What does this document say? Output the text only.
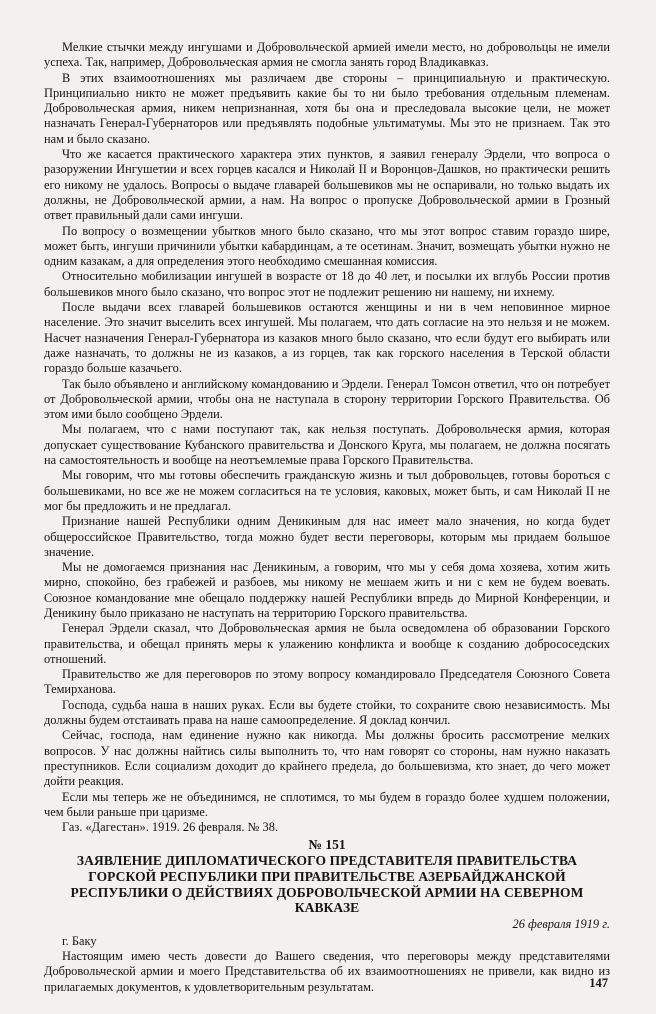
Мелкие стычки между ингушами и Добровольческой армией имели место, но добровольцы не имели успеха. Так, например, Добровольческая армия не смогла занять город Владикавказ.

В этих взаимоотношениях мы различаем две стороны – принципиальную и практическую. Принципиально никто не может предъявить какие бы то ни было требования отдельным племенам. Добровольческая армия, никем непризнанная, хотя бы она и преследовала высокие цели, не может назначать Генерал-Губернаторов или предъявлять подобные ультиматумы. Мы это не признаем. Так это нам и было сказано.

Что же касается практического характера этих пунктов, я заявил генералу Эрдели, что вопроса о разоружении Ингушетии и всех горцев касался и Николай II и Воронцов-Дашков, но практически решить его никому не удалось. Вопросы о выдаче главарей большевиков мы не оспаривали, но только выдать их должны, не Добровольческой армии, а нам. На вопрос о пропуске Добровольческой армии в Грозный ответ правильный дали сами ингуши.

По вопросу о возмещении убытков много было сказано, что мы этот вопрос ставим гораздо шире, может быть, ингуши причинили убытки кабардинцам, а те осетинам. Значит, возмещать убытки нужно не одним казакам, а для определения этого необходимо смешанная комиссия.

Относительно мобилизации ингушей в возрасте от 18 до 40 лет, и посылки их вглубь России против большевиков много было сказано, что вопрос этот не подлежит решению ни нашему, ни ихнему.

После выдачи всех главарей большевиков остаются женщины и ни в чем неповинное мирное население. Это значит выселить всех ингушей. Мы полагаем, что дать согласие на это нельзя и не можем. Насчет назначения Генерал-Губернатора из казаков много было сказано, что если будут его выбирать или даже назначать, то должны не из казаков, а из горцев, так как горского населения в Терской области гораздо больше казачьего.

Так было объявлено и английскому командованию и Эрдели. Генерал Томсон ответил, что он потребует от Добровольческой армии, чтобы она не наступала в сторону территории Горского Правительства. Об этом ими было сообщено Эрдели.

Мы полагаем, что с нами поступают так, как нельзя поступать. Добровольческя армия, которая допускает существование Кубанского правительства и Донского Круга, мы полагаем, не должна посягать на самостоятельность и вообще на неотъемлемые права Горского Правительства.

Мы говорим, что мы готовы обеспечить гражданскую жизнь и тыл добровольцев, готовы бороться с большевиками, но все же не можем согласиться на те условия, каковых, может быть, и сам Николай II не мог бы предложить и не предлагал.

Признание нашей Республики одним Деникиным для нас имеет мало значения, но когда будет общероссийское Правительство, тогда можно будет вести переговоры, которым мы придаем большое значение.

Мы не домогаемся признания нас Деникиным, а говорим, что мы у себя дома хозяева, хотим жить мирно, спокойно, без грабежей и разбоев, мы никому не мешаем жить и ни с кем не будем воевать. Союзное командование мне обещало поддержку нашей Республики впредь до Мирной Конференции, и Деникину было приказано не наступать на территорию Горского правительства.

Генерал Эрдели сказал, что Добровольческая армия не была осведомлена об образовании Горского правительства, и обещал принять меры к улажению конфликта и вообще к созданию добрососедских отношений.

Правительство же для переговоров по этому вопросу командировало Председателя Союзного Совета Темирханова.

Господа, судьба наша в наших руках. Если вы будете стойки, то сохраните свою независимость. Мы должны будем отстаивать права на наше самоопределение. Я доклад кончил.

Сейчас, господа, нам единение нужно как никогда. Мы должны бросить рассмотрение мелких вопросов. У нас должны найтись силы выполнить то, что нам говорят со стороны, нам нужно наказать преступников. Если социализм доходит до крайнего предела, до большевизма, кто знает, до чего может дойти реакция.

Если мы теперь же не объединимся, не сплотимся, то мы будем в гораздо более худшем положении, чем были раньше при царизме.

Газ. «Дагестан». 1919. 26 февраля. № 38.

№ 151

ЗАЯВЛЕНИЕ ДИПЛОМАТИЧЕСКОГО ПРЕДСТАВИТЕЛЯ ПРАВИТЕЛЬСТВА ГОРСКОЙ РЕСПУБЛИКИ ПРИ ПРАВИТЕЛЬСТВЕ АЗЕРБАЙДЖАНСКОЙ РЕСПУБЛИКИ О ДЕЙСТВИЯХ ДОБРОВОЛЬЧЕСКОЙ АРМИИ НА СЕВЕРНОМ КАВКАЗЕ

26 февраля 1919 г.

г. Баку

Настоящим имею честь довести до Вашего сведения, что переговоры между представителями Добровольческой армии и моего Представительства об их взаимоотношениях не привели, как видно из прилагаемых документов, к удовлетворительным результатам.	147
